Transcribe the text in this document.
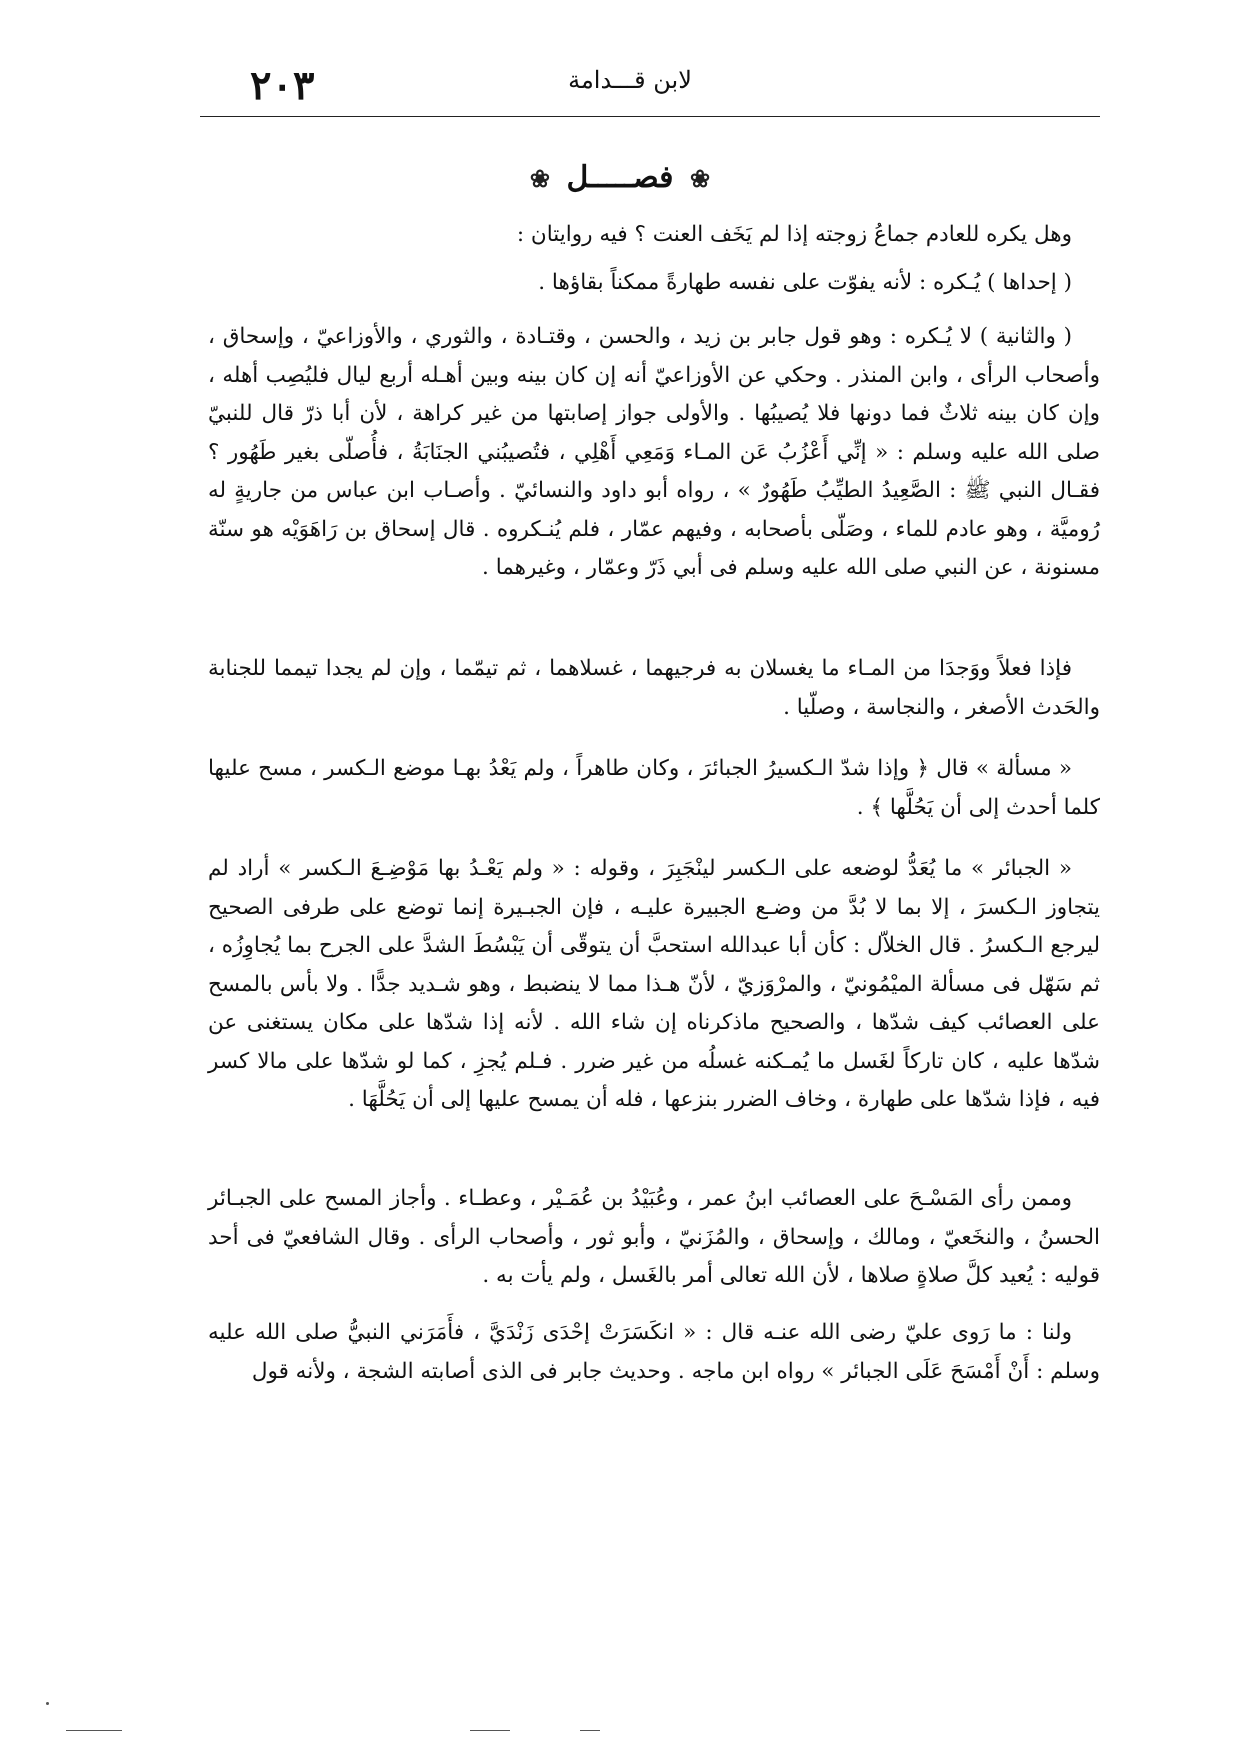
٢٠٣	لابن قـــدامة
❀ فصـــــل ❀

وهل يكره للعادم جماعُ زوجته إذا لم يَخَف العنت ؟ فيه روايتان :

( إحداها ) يُـكره : لأنه يفوّت على نفسه طهارةً ممكناً بقاؤها .

( والثانية ) لا يُـكره : وهو قول جابر بن زيد ، والحسن ، وقتـادة ، والثوري ، والأوزاعيّ ، وإسحاق ، وأصحاب الرأى ، وابن المنذر . وحكي عن الأوزاعيّ أنه إن كان بينه وبين أهـله أربع ليال فليُصِب أهله ، وإن كان بينه ثلاثٌ فما دونها فلا يُصيبُها . والأولى جواز إصابتها من غير كراهة ، لأن أبا ذرّ قال للنبيّ صلى الله عليه وسلم : « إنِّي أَعْزُبُ عَن المـاء وَمَعِي أَهْلِي ، فتُصيبُني الجنَابَةُ ، فأُصلّى بغير طَهُور ؟ فقـال النبي ﷺ : الصَّعِيدُ الطيِّبُ طَهُورٌ » ، رواه أبو داود والنسائيّ . وأصـاب ابن عباس من جاريةٍ له رُوميَّة ، وهو عادم للماء ، وصَلّى بأصحابه ، وفيهم عمّار ، فلم يُنـكروه . قال إسحاق بن رَاهَوَيْه هو سنّة مسنونة ، عن النبي صلى الله عليه وسلم فى أبي ذَرّ وعمّار ، وغيرهما .

فإذا فعلاً ووَجدَا من المـاء ما يغسلان به فرجيهما ، غسلاهما ، ثم تيمّما ، وإن لم يجدا تيمما للجنابة والحَدث الأصغر ، والنجاسة ، وصلّيا .

« مسألة » قال ﴿ وإذا شدّ الـكسيرُ الجبائرَ ، وكان طاهراً ، ولم يَعْدُ بهـا موضع الـكسر ، مسح عليها كلما أحدث إلى أن يَحُلَّها ﴾ .

« الجبائر » ما يُعَدُّ لوضعه على الـكسر لينْجَبِرَ ، وقوله : « ولم يَعْـدُ بها مَوْضِـعَ الـكسر » أراد لم يتجاوز الـكسرَ ، إلا بما لا بُدَّ من وضـع الجبيرة عليـه ، فإن الجبـيرة إنما توضع على طرفى الصحيح ليرجع الـكسرُ . قال الخلاّل : كأن أبا عبدالله استحبَّ أن يتوقّى أن يَبْسُطَ الشدَّ على الجرح بما يُجاوِزُه ، ثم سَهّل فى مسألة الميْمُونيّ ، والمرْوَزيّ ، لأنّ هـذا مما لا ينضبط ، وهو شـديد جدًّا . ولا بأس بالمسح على العصائب كيف شدّها ، والصحيح ماذكرناه إن شاء الله . لأنه إذا شدّها على مكان يستغنى عن شدّها عليه ، كان تاركاً لغَسل ما يُمـكنه غسلُه من غير ضرر . فـلم يُجزِ ، كما لو شدّها على مالا كسر فيه ، فإذا شدّها على طهارة ، وخاف الضرر بنزعها ، فله أن يمسح عليها إلى أن يَحُلَّهَا .

وممن رأى المَسْـحَ على العصائب ابنُ عمر ، وعُبَيْدُ بن عُمَـيْر ، وعطـاء . وأجاز المسح على الجبـائر الحسنُ ، والنخَعيّ ، ومالك ، وإسحاق ، والمُزَنيّ ، وأبو ثور ، وأصحاب الرأى . وقال الشافعيّ فى أحد قوليه : يُعيد كلَّ صلاةٍ صلاها ، لأن الله تعالى أمر بالغَسل ، ولم يأت به .

ولنا : ما رَوى عليّ رضى الله عنـه قال : « انكَسَرَتْ إحْدَى زَنْدَيَّ ، فأَمَرَني النبيُّ صلى الله عليه وسلم : أَنْ أَمْسَحَ عَلَى الجبائر » رواه ابن ماجه . وحديث جابر فى الذى أصابته الشجة ، ولأنه قول
